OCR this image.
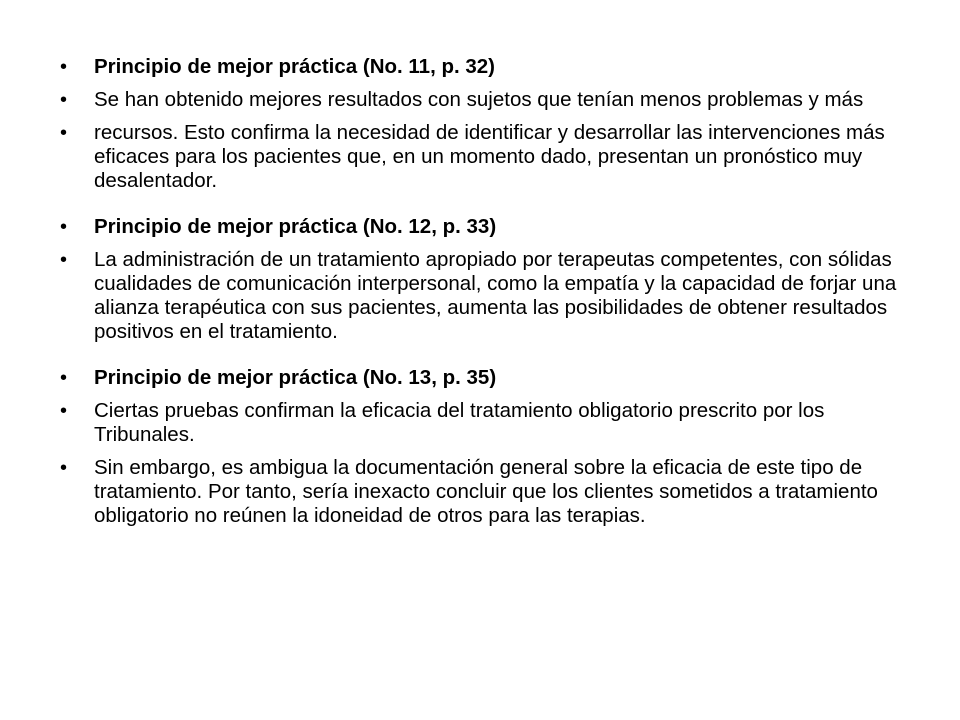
•	Principio de mejor práctica (No. 11, p. 32)
•	Se han obtenido mejores resultados con sujetos que tenían menos problemas y más
•	recursos. Esto confirma la necesidad de identificar y desarrollar las intervenciones más eficaces para los pacientes que, en un momento dado, presentan un pronóstico muy desalentador.
•	Principio de mejor práctica (No. 12, p. 33)
•	La administración de un tratamiento apropiado por terapeutas competentes, con sólidas cualidades de comunicación interpersonal, como la empatía y la capacidad de forjar una alianza terapéutica con sus pacientes, aumenta las posibilidades de obtener resultados positivos en el tratamiento.
•	Principio de mejor práctica (No. 13, p. 35)
•	Ciertas pruebas confirman la eficacia del tratamiento obligatorio prescrito por los Tribunales.
•	Sin embargo, es ambigua la documentación general sobre la eficacia de este tipo de tratamiento. Por tanto, sería inexacto concluir que los clientes sometidos a tratamiento obligatorio no reúnen la idoneidad de otros para las terapias.
